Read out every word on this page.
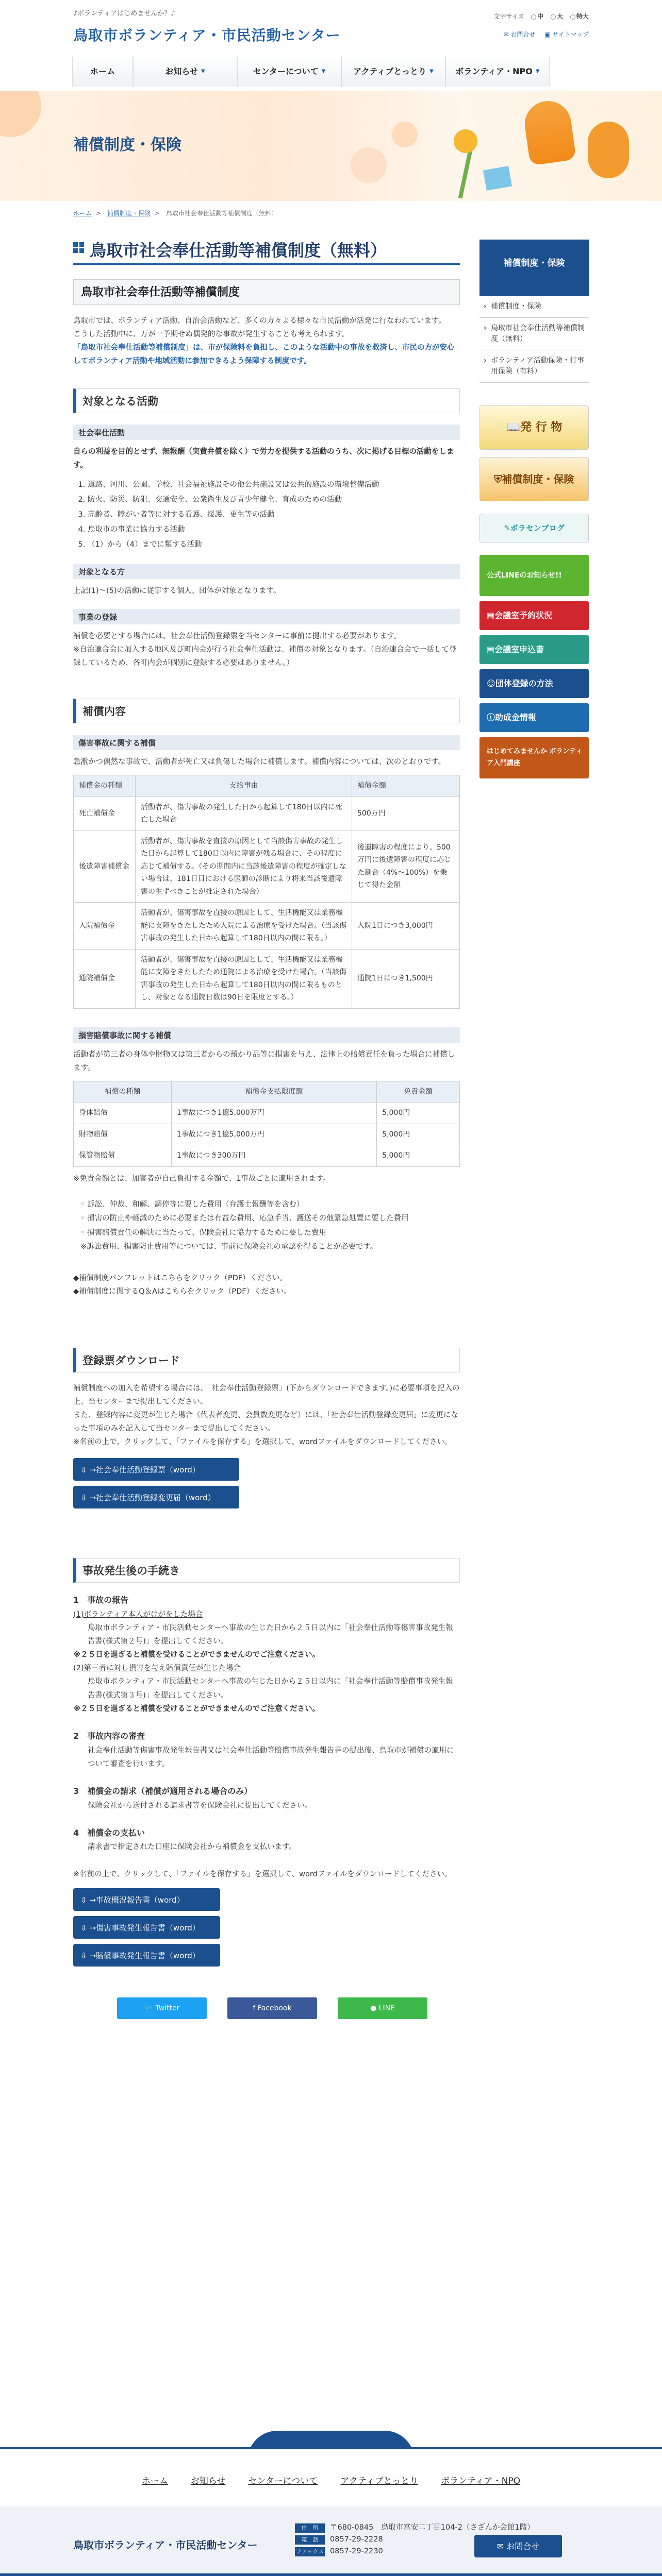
♪ボランティアはじめませんか？♪
鳥取市ボランティア・市民活動センター
文字サイズ 中 大 特大
✉ お問合せ ▣ サイトマップ
ホーム	お知らせ ▼	センターについて ▼	アクティブとっとり ▼	ボランティア・NPO ▼
補償制度・保険
ホーム > 補償制度・保険 > 鳥取市社会奉仕活動等補償制度（無料）
鳥取市社会奉仕活動等補償制度（無料）
鳥取市社会奉仕活動等補償制度

鳥取市では、ボランティア活動、自治会活動など、多くの方々よる様々な市民活動が活発に行なわれています。

こうした活動中に、万が一予期せぬ偶発的な事故が発生することも考えられます。

「鳥取市社会奉仕活動等補償制度」は、市が保険料を負担し、このような活動中の事故を救済し、市民の方が安心してボランティア活動や地域活動に参加できるよう保障する制度です。

対象となる活動
社会奉仕活動

自らの利益を目的とせず、無報酬（実費弁償を除く）で労力を提供する活動のうち、次に掲げる目標の活動をします。

1. 道路、河川、公園、学校、社会福祉施設その他公共施設又は公共的施設の環境整備活動
2. 防火、防災、防犯、交通安全、公衆衛生及び青少年健全、育成のための活動
3. 高齢者、障がい者等に対する看護、援護、更生等の活動
4. 鳥取市の事業に協力する活動
5. （1）から（4）までに類する活動
対象となる方

上記(1)〜(5)の活動に従事する個人、団体が対象となります。

事業の登録

補償を必要とする場合には、社会奉仕活動登録票を当センターに事前に提出する必要があります。

※自治連合会に加入する地区及び町内会が行う社会奉仕活動は、補償の対象となります。（自治連合会で一括して登録しているため、各町内会が個別に登録する必要はありません。）

補償内容
傷害事故に関する補償

急激かつ偶然な事故で、活動者が死亡又は負傷した場合に補償します。補償内容については、次のとおりです。

補償金の種類	支給事由	補償金額
死亡補償金	活動者が、傷害事故の発生した日から起算して180日以内に死亡した場合	500万円
後遺障害補償金	活動者が、傷害事故を直接の原因として当該傷害事故の発生した日から起算して180日以内に障害が残る場合に、その程度に応じて補償する。（その期間内に当該後遺障害の程度が確定しない場合は、181日目における医師の診断により将来当該後遺障害の生ずべきことが推定された場合）	後遺障害の程度により、500万円に後遺障害の程度に応じた割合（4%〜100%）を乗じて得た金額
入院補償金	活動者が、傷害事故を直接の原因として、生活機能又は業務機能に支障をきたしたため入院による治療を受けた場合。（当該傷害事故の発生した日から起算して180日以内の間に限る。）	入院1日につき3,000円
通院補償金	活動者が、傷害事故を直接の原因として、生活機能又は業務機能に支障をきたしたため通院による治療を受けた場合。（当該傷害事故の発生した日から起算して180日以内の間に限るものとし、対象となる通院日数は90日を限度とする。）	通院1日につき1,500円
損害賠償事故に関する補償

活動者が第三者の身体や財物又は第三者からの預かり品等に損害を与え、法律上の賠償責任を負った場合に補償します。

補償の種類	補償金支払限度額	免責金額
身体賠償	1事故につき1億5,000万円	5,000円
財物賠償	1事故につき1億5,000万円	5,000円
保管物賠償	1事故につき300万円	5,000円

※免責金額とは、加害者が自己負担する金額で、1事故ごとに適用されます。

◦ 訴訟、仲裁、和解、調停等に要した費用（弁護士報酬等を含む）
◦ 損害の防止や軽減のために必要または有益な費用、応急手当、護送その他緊急処置に要した費用
◦ 損害賠償責任の解決に当たって、保険会社に協力するために要した費用

※訴訟費用、損害防止費用等については、事前に保険会社の承認を得ることが必要です。

◆補償制度パンフレットはこちらをクリック（PDF）ください。

◆補償制度に関するQ＆Aはこちらをクリック（PDF）ください。

登録票ダウンロード

補償制度への加入を希望する場合には、「社会奉仕活動登録票」(下からダウンロードできます。)に必要事項を記入の上、当センターまで提出してください。

また、登録内容に変更が生じた場合（代表者変更、会員数変更など）には、「社会奉仕活動登録変更届」に変更になった事項のみを記入して当センターまで提出してください。

※名前の上で、クリックして、「ファイルを保存する」を選択して、wordファイルをダウンロードしてください。

⇩ →社会奉仕活動登録票（word）
⇩ →社会奉仕活動登録変更届（word）
事故発生後の手続き

1　事故の報告

(1)ボランティア本人がけがをした場合

鳥取市ボランティア・市民活動センターへ事故の生じた日から２５日以内に「社会奉仕活動等傷害事故発生報告書(様式第２号)」を提出してください。

※２５日を過ぎると補償を受けることができませんのでご注意ください。

(2)第三者に対し損害を与え賠償責任が生じた場合

鳥取市ボランティア・市民活動センターへ事故の生じた日から２５日以内に「社会奉仕活動等賠償事故発生報告書(様式第３号)」を提出してください。

※２５日を過ぎると補償を受けることができませんのでご注意ください。

2　事故内容の審査

社会奉仕活動等傷害事故発生報告書又は社会奉仕活動等賠償事故発生報告書の提出後、鳥取市が補償の適用について審査を行います。

3　補償金の請求（補償が適用される場合のみ）

保険会社から送付される請求書等を保険会社に提出してください。

4　補償金の支払い

請求書で指定された口座に保険会社から補償金を支払います。

※名前の上で、クリックして、「ファイルを保存する」を選択して、wordファイルをダウンロードしてください。

⇩ →事故概況報告書（word）
⇩ →傷害事故発生報告書（word）
⇩ →賠償事故発生報告書（word）
🐦 Twitter	f Facebook	● LINE
補償制度・保険
› 補償制度・保険
› 鳥取市社会奉仕活動等補償制度（無料）
› ボランティア活動保険・行事用保険（有料）
📖 発 行 物
⛨ 補償制度・保険
✎ ボラセンブログ
公式LINEのお知らせ!!
▦ 会議室予約状況
▤ 会議室申込書
☺ 団体登録の方法
ⓘ 助成金情報
はじめてみませんか ボランティア入門講座

ホーム	お知らせ	センターについて	アクティブとっとり	ボランティア・NPO
鳥取市ボランティア・市民活動センター
住　所 〒680-0845　鳥取市富安二丁目104-2（さざんか会館1階）
電　話 0857-29-2228
ファックス 0857-29-2230
✉ お問合せ
